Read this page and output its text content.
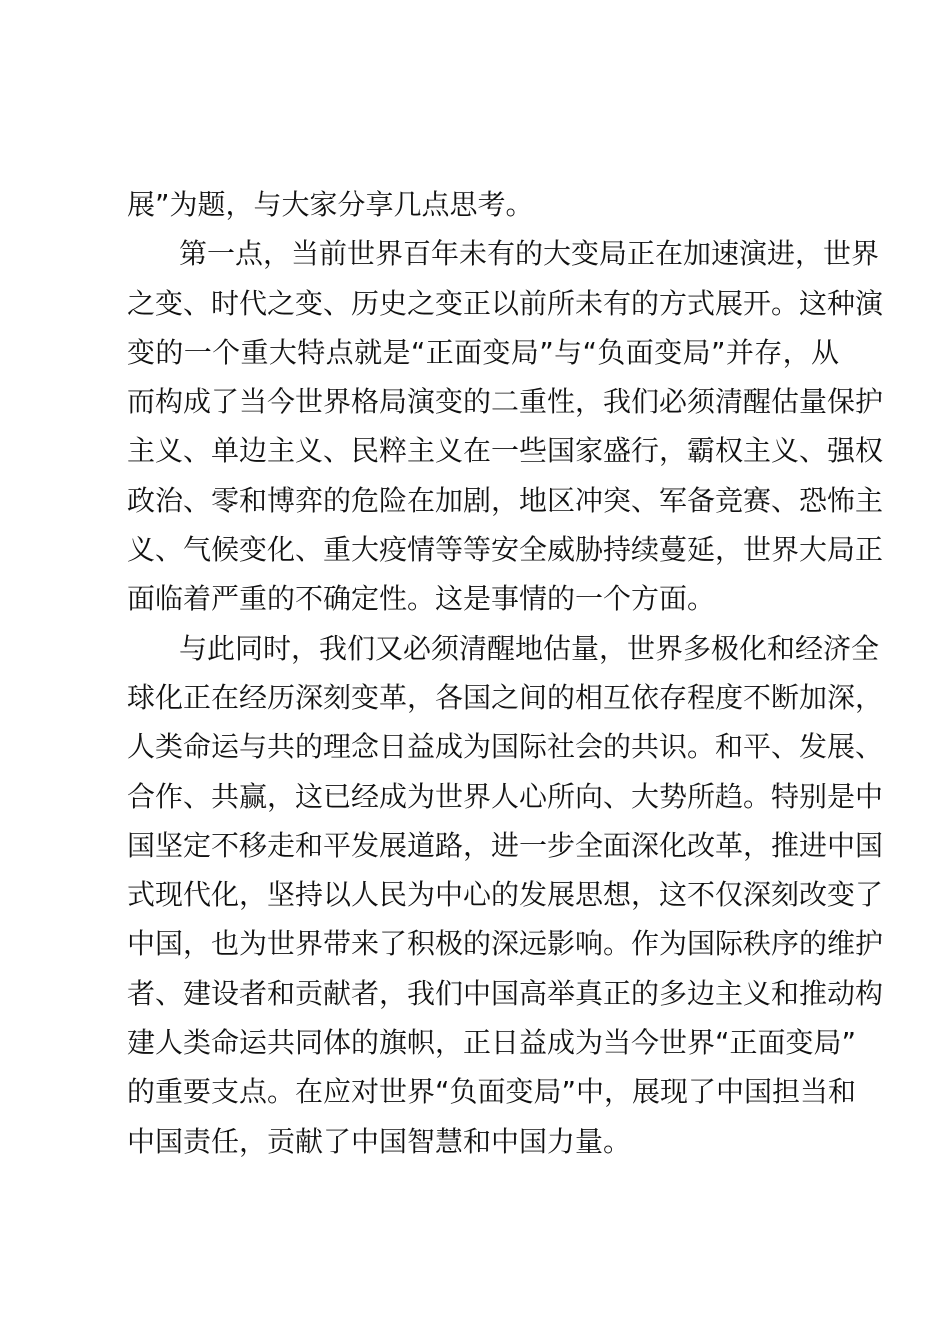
展”为题，与大家分享几点思考。
第一点，当前世界百年未有的大变局正在加速演进，世界
之变、时代之变、历史之变正以前所未有的方式展开。这种演
变的一个重大特点就是“正面变局”与“负面变局”并存，从
而构成了当今世界格局演变的二重性，我们必须清醒估量保护
主义、单边主义、民粹主义在一些国家盛行，霸权主义、强权
政治、零和博弈的危险在加剧，地区冲突、军备竞赛、恐怖主
义、气候变化、重大疫情等等安全威胁持续蔓延，世界大局正
面临着严重的不确定性。这是事情的一个方面。
与此同时，我们又必须清醒地估量，世界多极化和经济全
球化正在经历深刻变革，各国之间的相互依存程度不断加深，
人类命运与共的理念日益成为国际社会的共识。和平、发展、
合作、共赢，这已经成为世界人心所向、大势所趋。特别是中
国坚定不移走和平发展道路，进一步全面深化改革，推进中国
式现代化，坚持以人民为中心的发展思想，这不仅深刻改变了
中国，也为世界带来了积极的深远影响。作为国际秩序的维护
者、建设者和贡献者，我们中国高举真正的多边主义和推动构
建人类命运共同体的旗帜，正日益成为当今世界“正面变局”
的重要支点。在应对世界“负面变局”中，展现了中国担当和
中国责任，贡献了中国智慧和中国力量。
